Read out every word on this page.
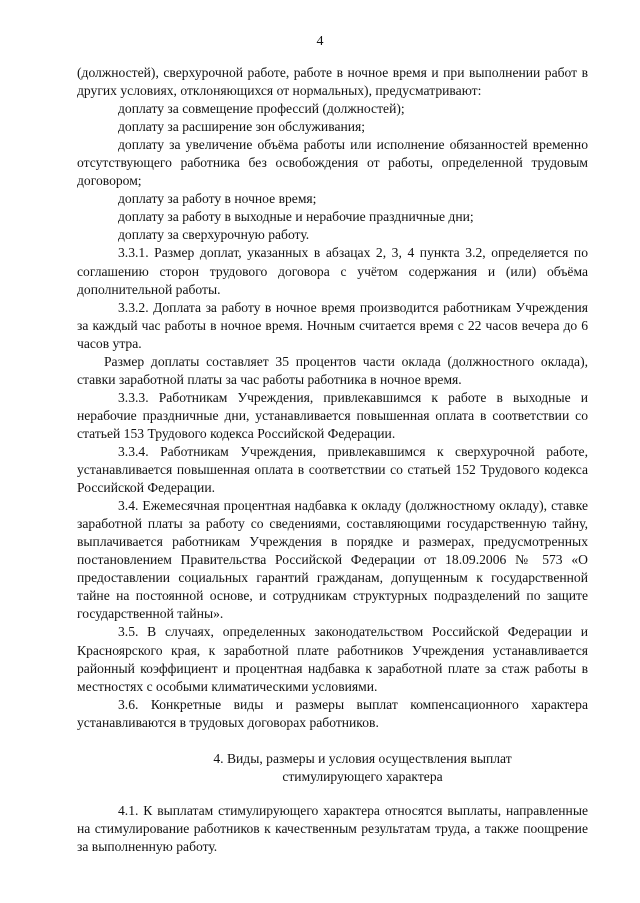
4

(должностей), сверхурочной работе, работе в ночное время и при выполнении работ в других условиях, отклоняющихся от нормальных), предусматривают:

доплату за совмещение профессий (должностей);

доплату за расширение зон обслуживания;

доплату за увеличение объёма работы или исполнение обязанностей временно отсутствующего работника без освобождения от работы, определенной трудовым договором;

доплату за работу в ночное время;

доплату за работу в выходные и нерабочие праздничные дни;

доплату за сверхурочную работу.

3.3.1. Размер доплат, указанных в абзацах 2, 3, 4 пункта 3.2, определяется по соглашению сторон трудового договора с учётом содержания и (или) объёма дополнительной работы.

3.3.2. Доплата за работу в ночное время производится работникам Учреждения за каждый час работы в ночное время. Ночным считается время с 22 часов вечера до 6 часов утра.

Размер доплаты составляет 35 процентов части оклада (должностного оклада), ставки заработной платы за час работы работника в ночное время.

3.3.3. Работникам Учреждения, привлекавшимся к работе в выходные и нерабочие праздничные дни, устанавливается повышенная оплата в соответствии со статьей 153 Трудового кодекса Российской Федерации.

3.3.4. Работникам Учреждения, привлекавшимся к сверхурочной работе, устанавливается повышенная оплата в соответствии со статьей 152 Трудового кодекса Российской Федерации.

3.4. Ежемесячная процентная надбавка к окладу (должностному окладу), ставке заработной платы за работу со сведениями, составляющими государственную тайну, выплачивается работникам Учреждения в порядке и размерах, предусмотренных постановлением Правительства Российской Федерации от 18.09.2006 № 573 «О предоставлении социальных гарантий гражданам, допущенным к государственной тайне на постоянной основе, и сотрудникам структурных подразделений по защите государственной тайны».

3.5. В случаях, определенных законодательством Российской Федерации и Красноярского края, к заработной плате работников Учреждения устанавливается районный коэффициент и процентная надбавка к заработной плате за стаж работы в местностях с особыми климатическими условиями.

3.6. Конкретные виды и размеры выплат компенсационного характера устанавливаются в трудовых договорах работников.

4. Виды, размеры и условия осуществления выплат
стимулирующего характера

4.1. К выплатам стимулирующего характера относятся выплаты, направленные на стимулирование работников к качественным результатам труда, а также поощрение за выполненную работу.
